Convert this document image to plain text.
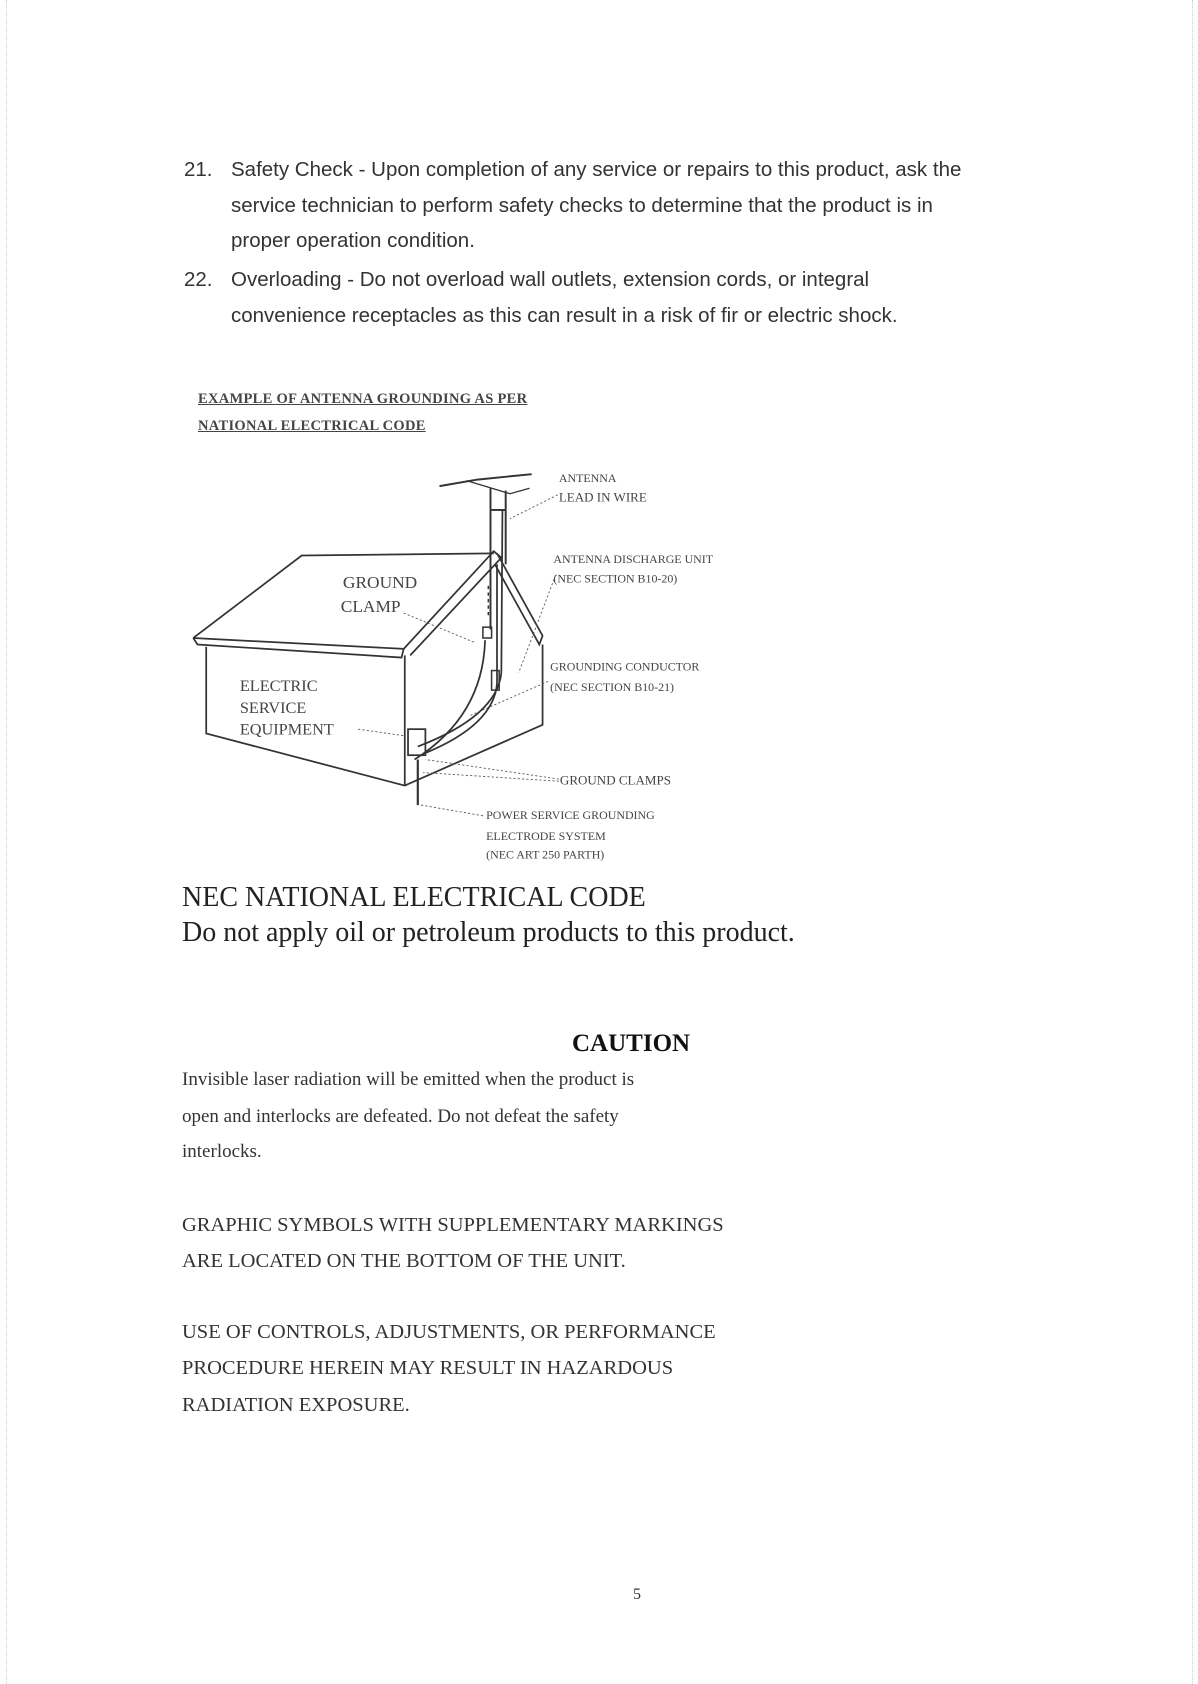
21. Safety Check - Upon completion of any service or repairs to this product, ask the
service technician to perform safety checks to determine that the product is in
proper operation condition.
22. Overloading - Do not overload wall outlets, extension cords, or integral
convenience receptacles as this can result in a risk of fir or electric shock.
EXAMPLE OF ANTENNA GROUNDING AS PER
NATIONAL ELECTRICAL CODE
ANTENNA
LEAD IN WIRE
ANTENNA DISCHARGE UNIT
(NEC SECTION B10-20)
GROUND
CLAMP
ELECTRIC
SERVICE
EQUIPMENT
GROUNDING CONDUCTOR
(NEC SECTION B10-21)
GROUND CLAMPS
POWER SERVICE GROUNDING
ELECTRODE SYSTEM
(NEC ART 250 PARTH)
NEC NATIONAL ELECTRICAL CODE
Do not apply oil or petroleum products to this product.
CAUTION
Invisible laser radiation will be emitted when the product is
open and interlocks are defeated. Do not defeat the safety
interlocks.
GRAPHIC SYMBOLS WITH SUPPLEMENTARY MARKINGS
ARE LOCATED ON THE BOTTOM OF THE UNIT.
USE OF CONTROLS, ADJUSTMENTS, OR PERFORMANCE
PROCEDURE HEREIN MAY RESULT IN HAZARDOUS
RADIATION EXPOSURE.
5
